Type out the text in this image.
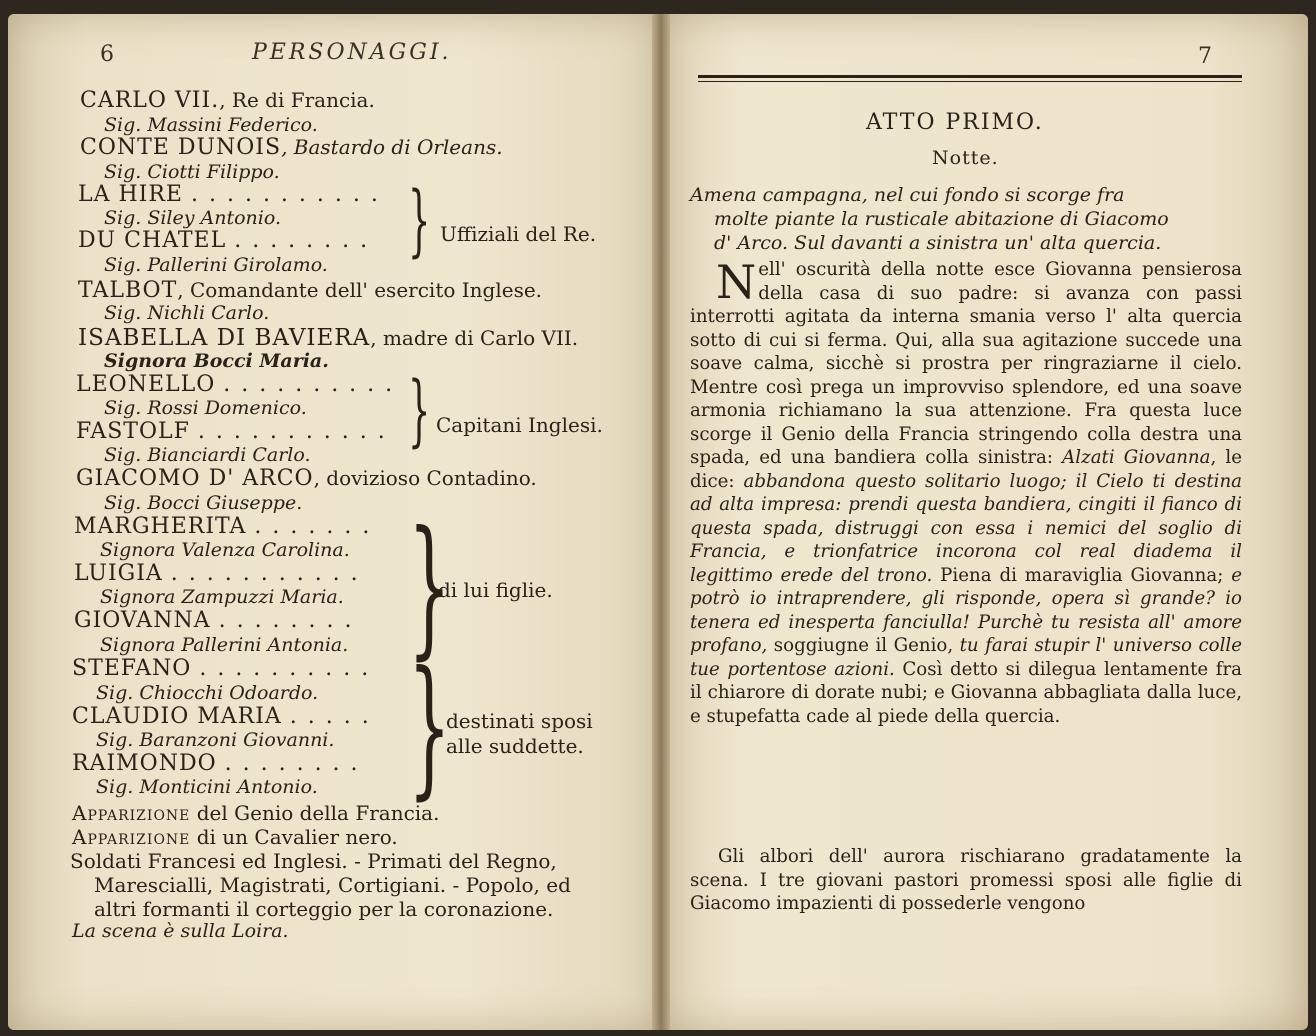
6	PERSONAGGI.
CARLO VII., Re di Francia.
Sig. Massini Federico.
CONTE DUNOIS, Bastardo di Orleans.
Sig. Ciotti Filippo.
LA HIRE . . . . . . . . . . .
Sig. Siley Antonio.
DU CHATEL . . . . . . . .
Sig. Pallerini Girolamo. } Uffiziali del Re.
TALBOT, Comandante dell' esercito Inglese.
Sig. Nichli Carlo.
ISABELLA DI BAVIERA, madre di Carlo VII.
Signora Bocci Maria.
LEONELLO . . . . . . . . . .
Sig. Rossi Domenico.
FASTOLF . . . . . . . . . . .
Sig. Bianciardi Carlo. } Capitani Inglesi.
GIACOMO D' ARCO, dovizioso Contadino.
Sig. Bocci Giuseppe.
MARGHERITA . . . . . . .
Signora Valenza Carolina.
LUIGIA . . . . . . . . . . .
Signora Zampuzzi Maria.
GIOVANNA . . . . . . . .
Signora Pallerini Antonia. }
di lui figlie.
STEFANO . . . . . . . . . .
Sig. Chiocchi Odoardo.
CLAUDIO MARIA . . . . .
Sig. Baranzoni Giovanni.
RAIMONDO . . . . . . . .
Sig. Monticini Antonio. }
destinati sposi
alle suddette.
Apparizione del Genio della Francia.
Apparizione di un Cavalier nero.
Soldati Francesi ed Inglesi. - Primati del Regno,
Marescialli, Magistrati, Cortigiani. - Popolo, ed
altri formanti il corteggio per la coronazione.
La scena è sulla Loira.
7
ATTO PRIMO.
Notte.
Amena campagna, nel cui fondo si scorge fra
molte piante la rusticale abitazione di Giacomo
d' Arco. Sul davanti a sinistra un' alta quercia.
Nell' oscurità della notte esce Giovanna pensierosa della casa di suo padre: si avanza con passi interrotti agitata da interna smania verso l' alta quercia sotto di cui si ferma. Qui, alla sua agitazione succede una soave calma, sicchè si prostra per ringraziarne il cielo. Mentre così prega un improvviso splendore, ed una soave armonia richiamano la sua attenzione. Fra questa luce scorge il Genio della Francia stringendo colla destra una spada, ed una bandiera colla sinistra: Alzati Giovanna, le dice: abbandona questo solitario luogo; il Cielo ti destina ad alta impresa: prendi questa bandiera, cingiti il fianco di questa spada, distruggi con essa i nemici del soglio di Francia, e trionfatrice incorona col real diadema il legittimo erede del trono. Piena di maraviglia Giovanna; e potrò io intraprendere, gli risponde, opera sì grande? io tenera ed inesperta fanciulla! Purchè tu resista all' amore profano, soggiugne il Genio, tu farai stupir l' universo colle tue portentose azioni. Così detto si dilegua lentamente fra il chiarore di dorate nubi; e Giovanna abbagliata dalla luce, e stupefatta cade al piede della quercia.
Gli albori dell' aurora rischiarano gradatamente la scena. I tre giovani pastori promessi sposi alle figlie di Giacomo impazienti di possederle vengono
